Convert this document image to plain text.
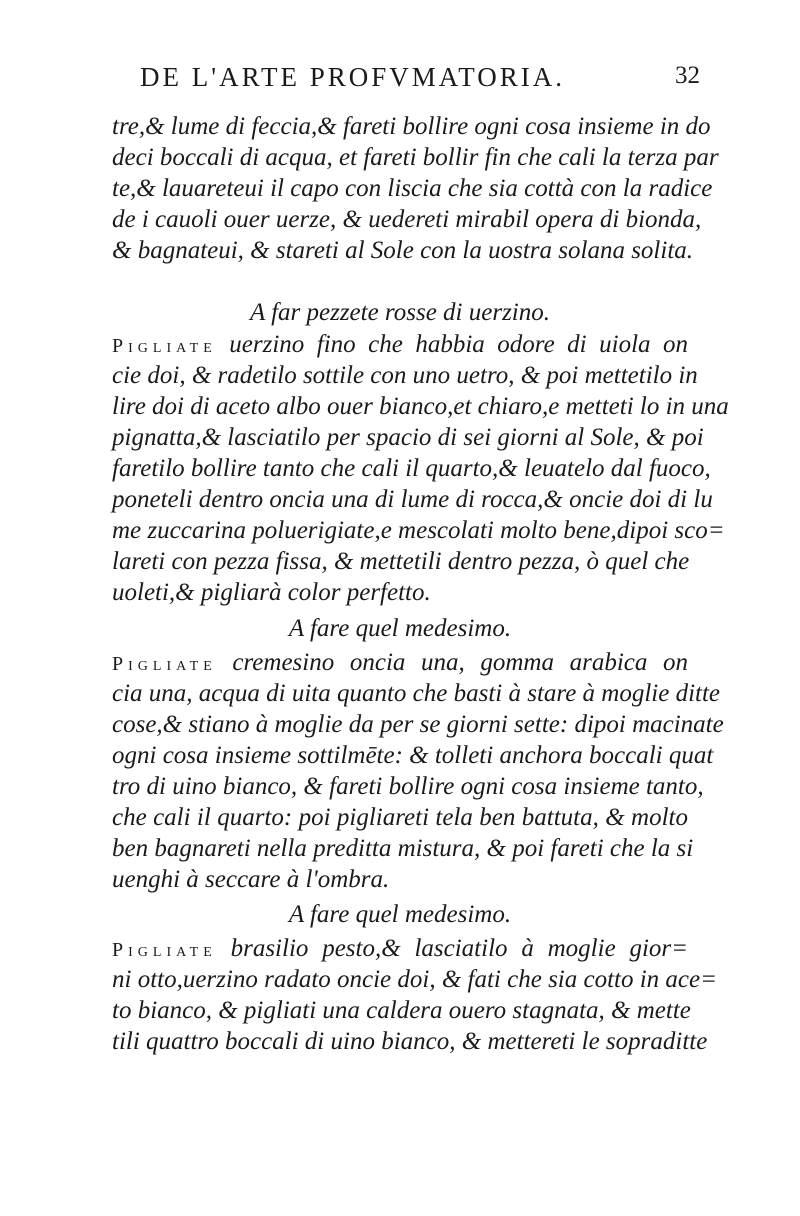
DE L'ARTE PROFVMATORIA.	32
tre,& lume di feccia,& fareti bollire ogni cosa insieme in do
deci boccali di acqua, et fareti bollir fin che cali la terza par
te,& lauareteui il capo con liscia che sia cottà con la radice
de i cauoli ouer uerze, & uedereti mirabil opera di bionda,
& bagnateui, & stareti al Sole con la uostra solana solita.
A far pezzete rosse di uerzino.
Pigliate uerzino fino che habbia odore di uiola on
cie doi, & radetilo sottile con uno uetro, & poi mettetilo in
lire doi di aceto albo ouer bianco,et chiaro,e metteti lo in una
pignatta,& lasciatilo per spacio di sei giorni al Sole, & poi
faretilo bollire tanto che cali il quarto,& leuatelo dal fuoco,
poneteli dentro oncia una di lume di rocca,& oncie doi di lu
me zuccarina poluerigiate,e mescolati molto bene,dipoi sco=
lareti con pezza fissa, & mettetili dentro pezza, ò quel che
uoleti,& pigliarà color perfetto.
A fare quel medesimo.
Pigliate cremesino oncia una, gomma arabica on
cia una, acqua di uita quanto che basti à stare à moglie ditte
cose,& stiano à moglie da per se giorni sette: dipoi macinate
ogni cosa insieme sottilmēte: & tolleti anchora boccali quat
tro di uino bianco, & fareti bollire ogni cosa insieme tanto,
che cali il quarto: poi pigliareti tela ben battuta, & molto
ben bagnareti nella preditta mistura, & poi fareti che la si
uenghi à seccare à l'ombra.
A fare quel medesimo.
Pigliate brasilio pesto,& lasciatilo à moglie gior=
ni otto,uerzino radato oncie doi, & fati che sia cotto in ace=
to bianco, & pigliati una caldera ouero stagnata, & mette
tili quattro boccali di uino bianco, & mettereti le sopraditte
